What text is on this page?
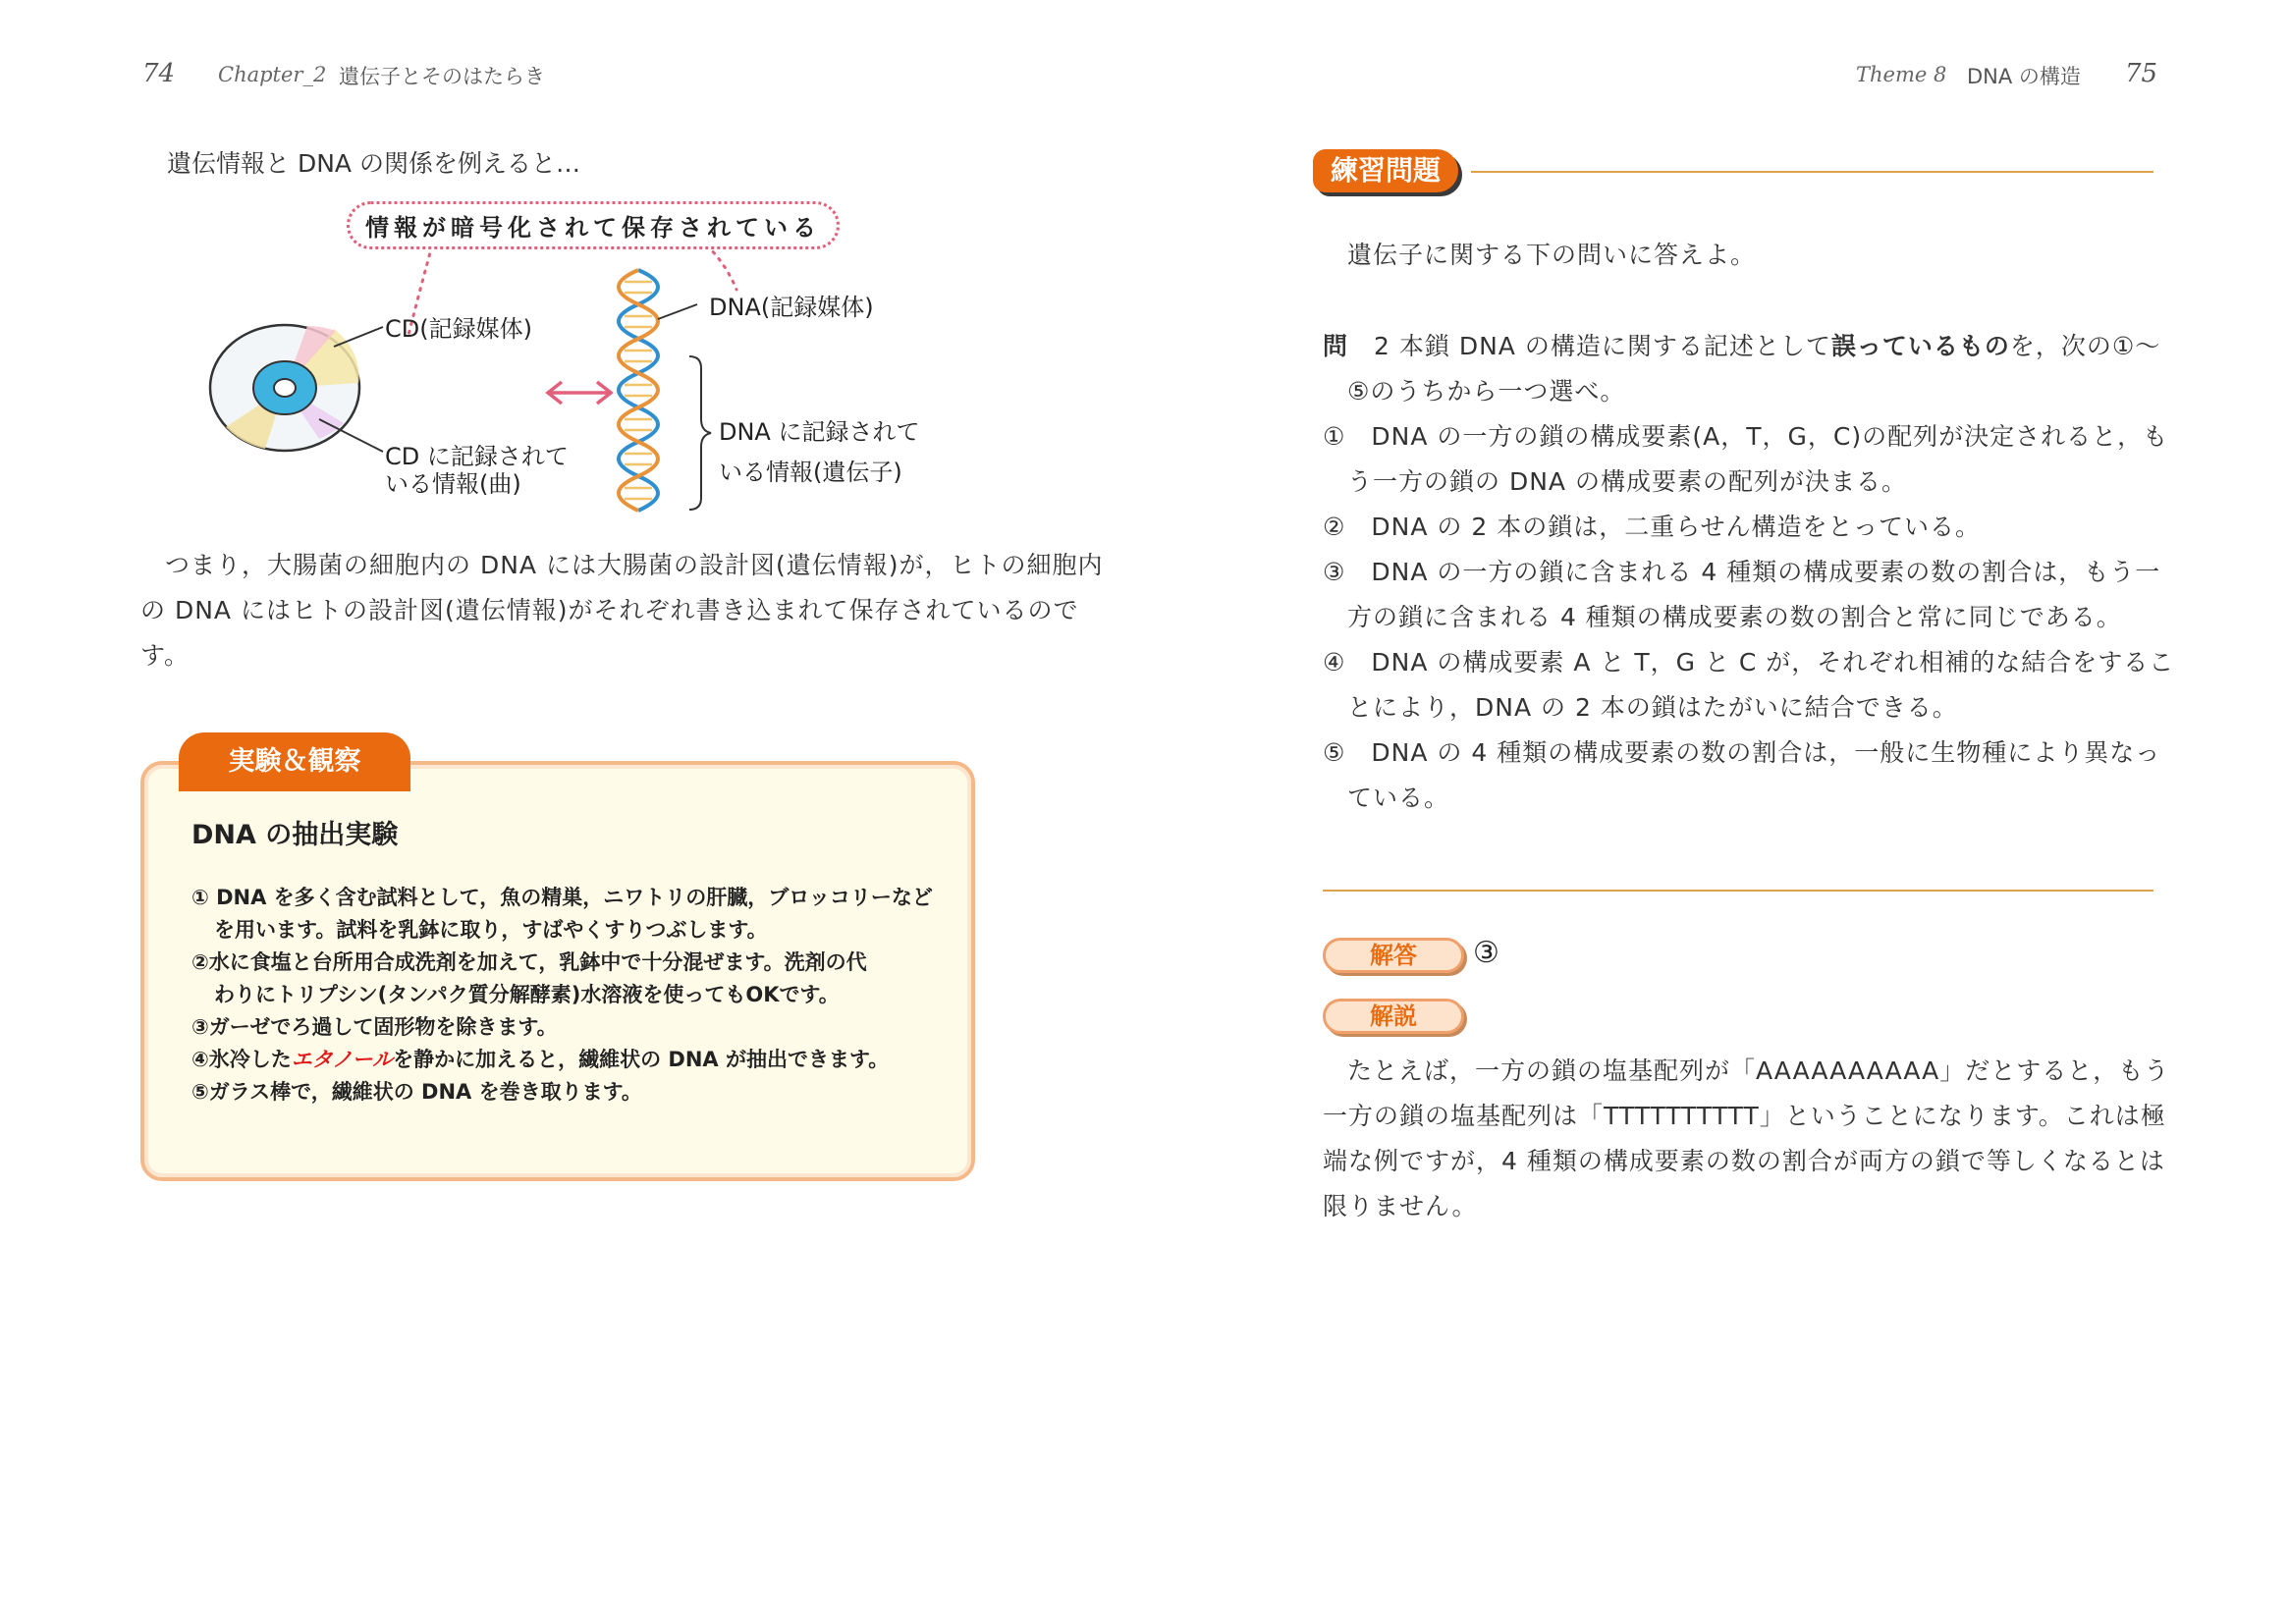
74 Chapter_2 遺伝子とそのはたらき
遺伝情報と DNA の関係を例えると…
情報が暗号化されて保存されている
CD(記録媒体)
DNA(記録媒体)
CD に記録されて
いる情報(曲)
DNA に記録されて
いる情報(遺伝子)
つまり，大腸菌の細胞内の DNA には大腸菌の設計図(遺伝情報)が，ヒトの細胞内の DNA にはヒトの設計図(遺伝情報)がそれぞれ書き込まれて保存されているのです。
実験＆観察
DNA の抽出実験
① DNA を多く含む試料として，魚の精巣，ニワトリの肝臓，ブロッコリーなど
を用います。試料を乳鉢に取り，すばやくすりつぶします。
②水に食塩と台所用合成洗剤を加えて，乳鉢中で十分混ぜます。洗剤の代
わりにトリプシン(タンパク質分解酵素)水溶液を使ってもOKです。
③ガーゼでろ過して固形物を除きます。
④氷冷したエタノールを静かに加えると，繊維状の DNA が抽出できます。
⑤ガラス棒で，繊維状の DNA を巻き取ります。
Theme 8 DNA の構造 75
練習問題
遺伝子に関する下の問いに答えよ。
問　 2 本鎖 DNA の構造に関する記述として誤っているものを，次の①〜
⑤のうちから一つ選べ。
①　DNA の一方の鎖の構成要素(A，T，G，C)の配列が決定されると，も
う一方の鎖の DNA の構成要素の配列が決まる。
②　DNA の 2 本の鎖は，二重らせん構造をとっている。
③　DNA の一方の鎖に含まれる 4 種類の構成要素の数の割合は，もう一
方の鎖に含まれる 4 種類の構成要素の数の割合と常に同じである。
④　DNA の構成要素 A と T，G と C が，それぞれ相補的な結合をするこ
とにより，DNA の 2 本の鎖はたがいに結合できる。
⑤　DNA の 4 種類の構成要素の数の割合は，一般に生物種により異なっ
ている。
解答	③
解説
たとえば，一方の鎖の塩基配列が「AAAAAAAAAA」だとすると，もう
一方の鎖の塩基配列は「TTTTTTTTTT」ということになります。これは極
端な例ですが，4 種類の構成要素の数の割合が両方の鎖で等しくなるとは
限りません。
